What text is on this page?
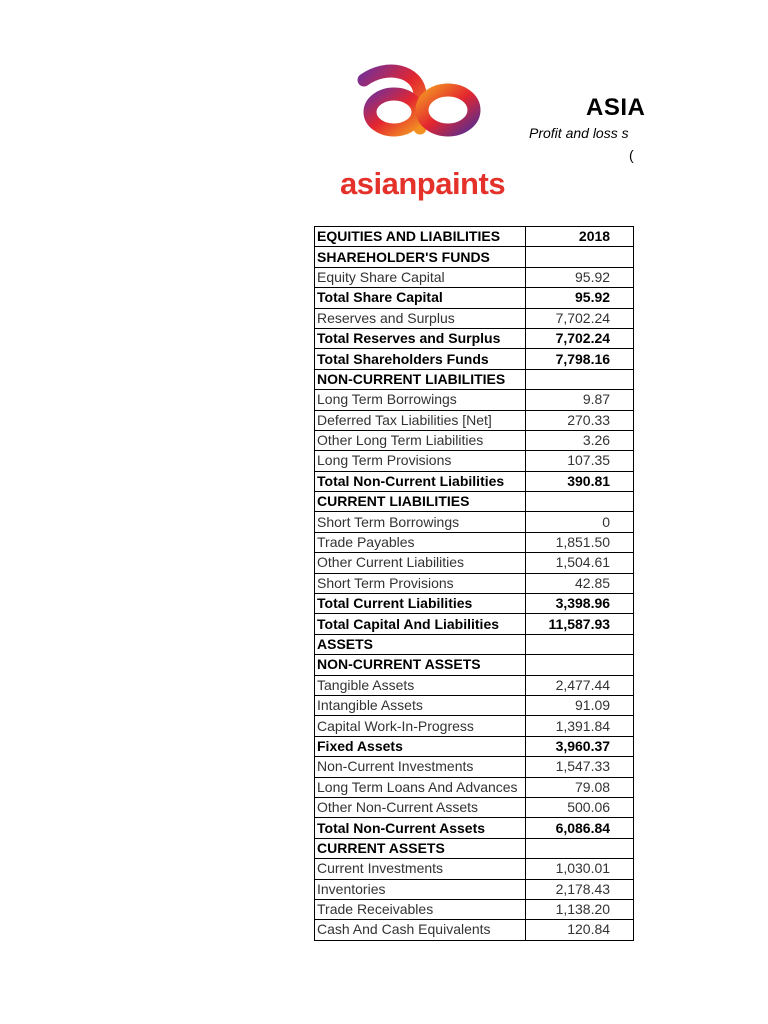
asianpaints
ASIA
Profit and loss s
(
EQUITIES AND LIABILITIES	2018
SHAREHOLDER'S FUNDS	
Equity Share Capital	95.92
Total Share Capital	95.92
Reserves and Surplus	7,702.24
Total Reserves and Surplus	7,702.24
Total Shareholders Funds	7,798.16
NON-CURRENT LIABILITIES	
Long Term Borrowings	9.87
Deferred Tax Liabilities [Net]	270.33
Other Long Term Liabilities	3.26
Long Term Provisions	107.35
Total Non-Current Liabilities	390.81
CURRENT LIABILITIES	
Short Term Borrowings	0
Trade Payables	1,851.50
Other Current Liabilities	1,504.61
Short Term Provisions	42.85
Total Current Liabilities	3,398.96
Total Capital And Liabilities	11,587.93
ASSETS	
NON-CURRENT ASSETS	
Tangible Assets	2,477.44
Intangible Assets	91.09
Capital Work-In-Progress	1,391.84
Fixed Assets	3,960.37
Non-Current Investments	1,547.33
Long Term Loans And Advances	79.08
Other Non-Current Assets	500.06
Total Non-Current Assets	6,086.84
CURRENT ASSETS	
Current Investments	1,030.01
Inventories	2,178.43
Trade Receivables	1,138.20
Cash And Cash Equivalents	120.84
